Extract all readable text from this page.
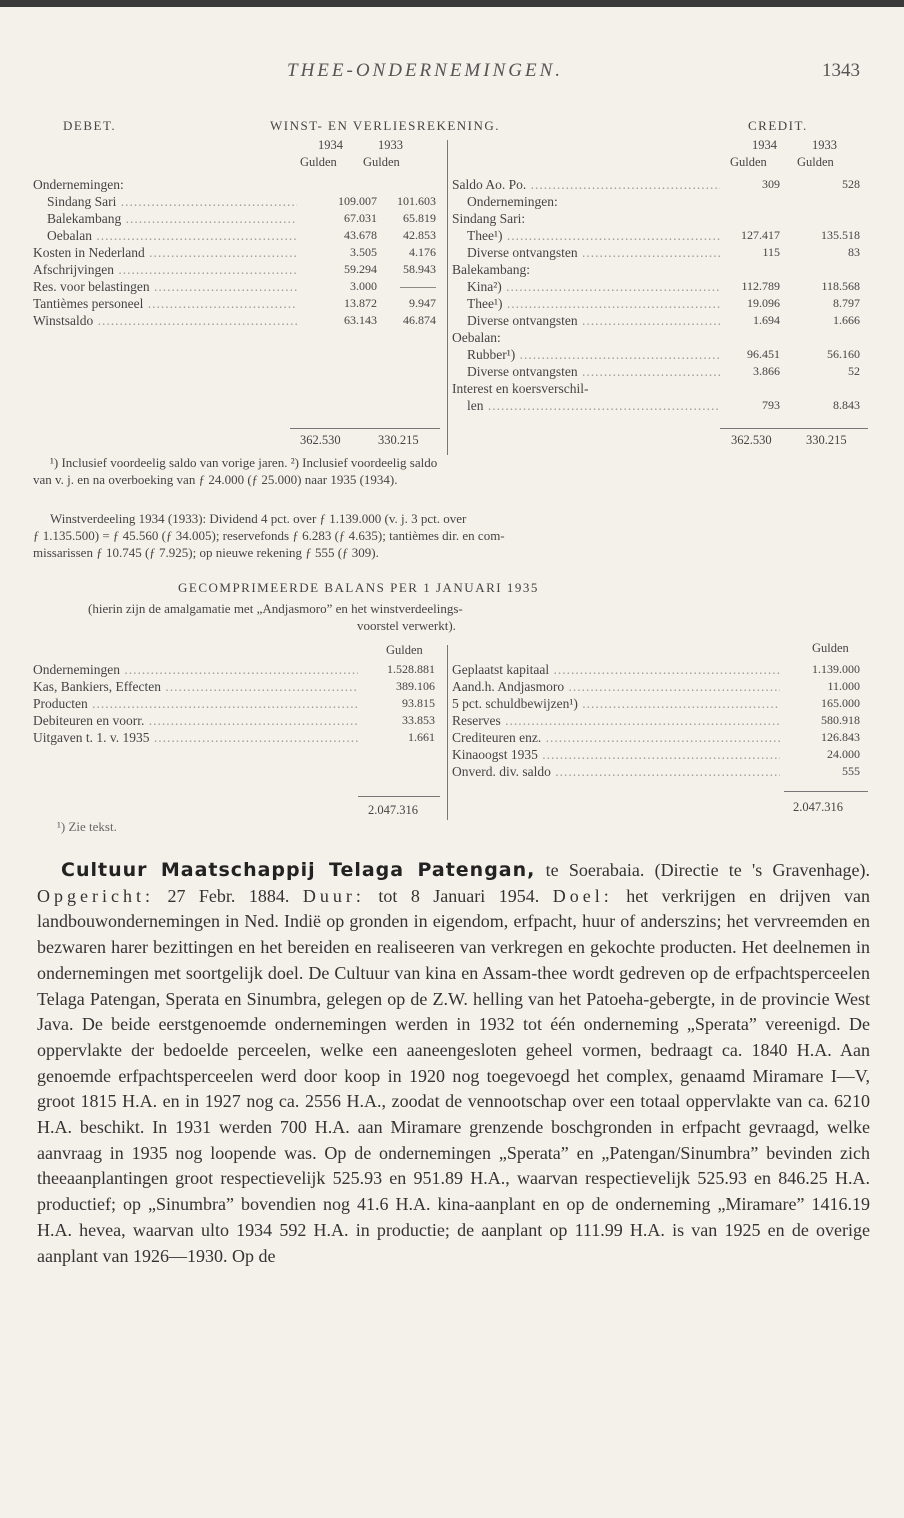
THEE-ONDERNEMINGEN.	1343
DEBET.	WINST- EN VERLIESREKENING.	CREDIT.
1934	1933
Gulden Gulden
1934	1933
Gulden Gulden
Ondernemingen:
Sindang Sari .....	109.007	101.603
Balekambang .....	67.031	65.819
Oebalan .....	43.678	42.853
Kosten in Nederland .....	3.505	4.176
Afschrijvingen .....	59.294	58.943
Res. voor belastingen .....	3.000	———
Tantièmes personeel .....	13.872	9.947
Winstsaldo .....	63.143	46.874
Saldo Ao. Po. .....	309	528
Ondernemingen:
Sindang Sari:
Thee¹) .....	127.417	135.518
Diverse ontvangsten .....	115	83
Balekambang:
Kina²) .....	112.789	118.568
Thee¹) .....	19.096	8.797
Diverse ontvangsten .....	1.694	1.666
Oebalan:
Rubber¹) .....	96.451	56.160
Diverse ontvangsten .....	3.866	52
Interest en koersverschil-
len .....	793	8.843
362.530	330.215	362.530	330.215
¹) Inclusief voordeelig saldo van vorige jaren. ²) Inclusief voordeelig saldo
van v. j. en na overboeking van ƒ 24.000 (ƒ 25.000) naar 1935 (1934).
Winstverdeeling 1934 (1933): Dividend 4 pct. over ƒ 1.139.000 (v. j. 3 pct. over
ƒ 1.135.500) = ƒ 45.560 (ƒ 34.005); reservefonds ƒ 6.283 (ƒ 4.635); tantièmes dir. en com-
missarissen ƒ 10.745 (ƒ 7.925); op nieuwe rekening ƒ 555 (ƒ 309).
GECOMPRIMEERDE BALANS PER 1 JANUARI 1935
(hierin zijn de amalgamatie met „Andjasmoro” en het winstverdeelings-
voorstel verwerkt).
Gulden	Gulden
Ondernemingen .....	1.528.881
Kas, Bankiers, Effecten .....	389.106
Producten .....	93.815
Debiteuren en voorr. .....	33.853
Uitgaven t. 1. v. 1935 .....	1.661
Geplaatst kapitaal .....	1.139.000
Aand.h. Andjasmoro .....	11.000
5 pct. schuldbewijzen¹) .....	165.000
Reserves .....	580.918
Crediteuren enz. .....	126.843
Kinaoogst 1935 .....	24.000
Onverd. div. saldo .....	555
2.047.316	2.047.316
¹) Zie tekst.

Cultuur Maatschappij Telaga Patengan, te Soerabaia. (Directie te 's Gravenhage). Opgericht: 27 Febr. 1884. Duur: tot 8 Januari 1954. Doel: het verkrijgen en drijven van landbouwondernemingen in Ned. Indië op gronden in eigendom, erfpacht, huur of anderszins; het vervreemden en bezwaren harer bezittingen en het bereiden en realiseeren van verkregen en gekochte producten. Het deelnemen in ondernemingen met soortgelijk doel. De Cultuur van kina en Assam-thee wordt gedreven op de erfpachtsperceelen Telaga Patengan, Sperata en Sinumbra, gelegen op de Z.W. helling van het Patoeha-gebergte, in de provincie West Java. De beide eerstgenoemde ondernemingen werden in 1932 tot één onderneming „Sperata” vereenigd. De oppervlakte der bedoelde perceelen, welke een aaneengesloten geheel vormen, bedraagt ca. 1840 H.A. Aan genoemde erfpachtsperceelen werd door koop in 1920 nog toegevoegd het complex, genaamd Miramare I—V, groot 1815 H.A. en in 1927 nog ca. 2556 H.A., zoodat de vennootschap over een totaal oppervlakte van ca. 6210 H.A. beschikt. In 1931 werden 700 H.A. aan Miramare grenzende boschgronden in erfpacht gevraagd, welke aanvraag in 1935 nog loopende was. Op de ondernemingen „Sperata” en „Patengan/Sinumbra” bevinden zich theeaanplantingen groot respectievelijk 525.93 en 951.89 H.A., waarvan respectievelijk 525.93 en 846.25 H.A. productief; op „Sinumbra” bovendien nog 41.6 H.A. kina-aanplant en op de onderneming „Miramare” 1416.19 H.A. hevea, waarvan ulto 1934 592 H.A. in productie; de aanplant op 111.99 H.A. is van 1925 en de overige aanplant van 1926—1930. Op de
